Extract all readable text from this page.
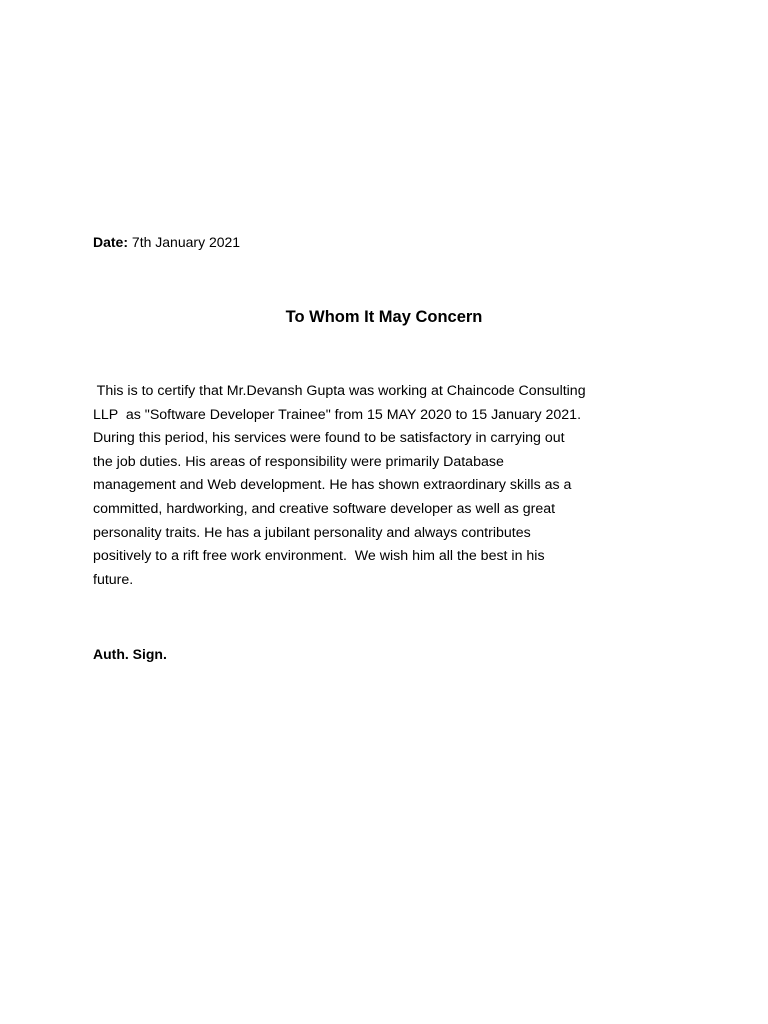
Date: 7th January 2021
To Whom It May Concern
This is to certify that Mr.Devansh Gupta was working at Chaincode Consulting
LLP  as "Software Developer Trainee" from 15 MAY 2020 to 15 January 2021.
During this period, his services were found to be satisfactory in carrying out
the job duties. His areas of responsibility were primarily Database
management and Web development. He has shown extraordinary skills as a
committed, hardworking, and creative software developer as well as great
personality traits. He has a jubilant personality and always contributes
positively to a rift free work environment.  We wish him all the best in his
future.
Auth. Sign.
